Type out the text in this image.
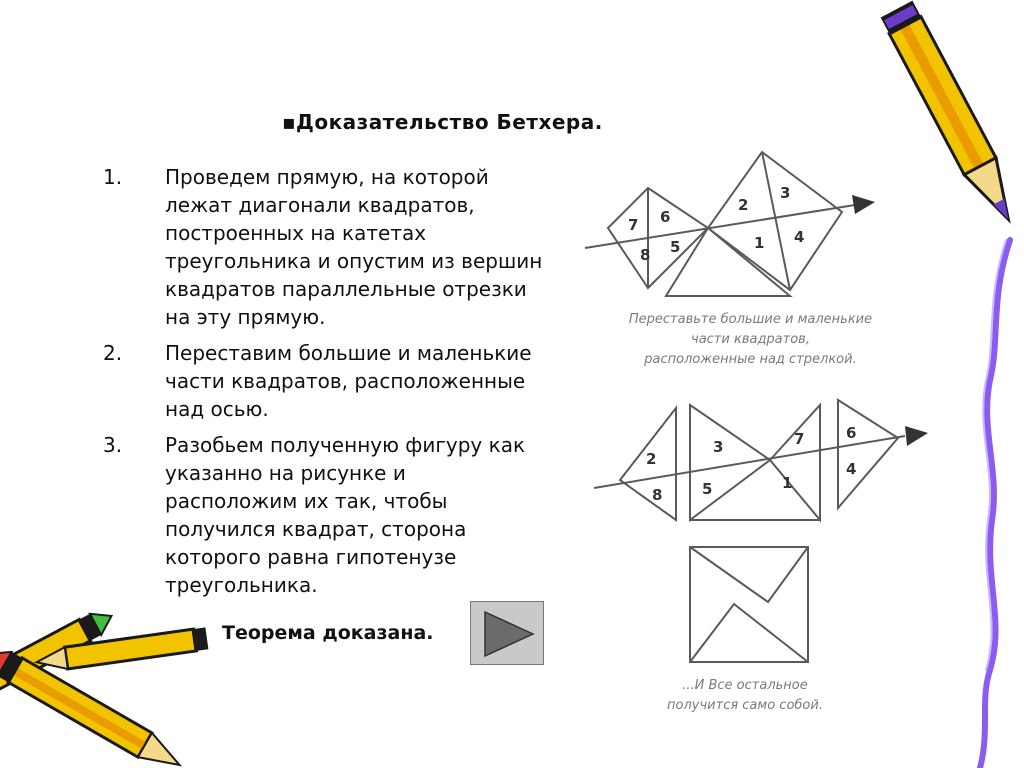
▪Доказательство Бетхера.
1.	Проведем прямую, на которой лежат диагонали квадратов, построенных на катетах треугольника и опустим из вершин квадратов параллельные отрезки на эту прямую.
2.	Переставим большие и маленькие части квадратов, расположенные над осью.
3.	Разобьем полученную фигуру как указанно на рисунке и расположим их так, чтобы получился квадрат, сторона которого равна гипотенузе треугольника.
Теорема доказана.
7 6
8 5
2
3
1 4
Переставьте большие и маленькие
части квадратов,
расположенные над стрелкой.
2
8
3
5
7
1
6
4
...И Все остальное
получится само собой.
